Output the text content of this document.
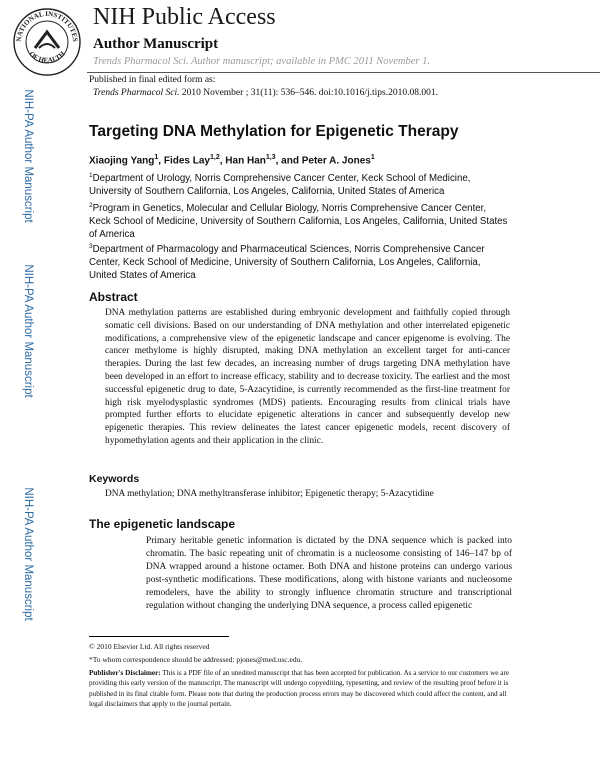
NATIONAL INSTITUTES
OF HEALTH
NIH Public Access
Author Manuscript
Trends Pharmacol Sci. Author manuscript; available in PMC 2011 November 1.
Published in final edited form as:
Trends Pharmacol Sci. 2010 November ; 31(11): 536–546. doi:10.1016/j.tips.2010.08.001.
NIH-PA Author Manuscript
NIH-PA Author Manuscript
NIH-PA Author Manuscript
Targeting DNA Methylation for Epigenetic Therapy
Xiaojing Yang$^1$, Fides Lay$^{1,2}$, Han Han$^{1,3}$, and Peter A. Jones$^1$
$^1$Department of Urology, Norris Comprehensive Cancer Center, Keck School of Medicine, University of Southern California, Los Angeles, California, United States of America
$^2$Program in Genetics, Molecular and Cellular Biology, Norris Comprehensive Cancer Center, Keck School of Medicine, University of Southern California, Los Angeles, California, United States of America
$^3$Department of Pharmacology and Pharmaceutical Sciences, Norris Comprehensive Cancer Center, Keck School of Medicine, University of Southern California, Los Angeles, California, United States of America
Abstract
DNA methylation patterns are established during embryonic development and faithfully copied through somatic cell divisions. Based on our understanding of DNA methylation and other interrelated epigenetic modifications, a comprehensive view of the epigenetic landscape and cancer epigenome is evolving. The cancer methylome is highly disrupted, making DNA methylation an excellent target for anti-cancer therapies. During the last few decades, an increasing number of drugs targeting DNA methylation have been developed in an effort to increase efficacy, stability and to decrease toxicity. The earliest and the most successful epigenetic drug to date, 5-Azacytidine, is currently recommended as the first-line treatment for high risk myelodysplastic syndromes (MDS) patients. Encouraging results from clinical trials have prompted further efforts to elucidate epigenetic alterations in cancer and subsequently develop new epigenetic therapies. This review delineates the latest cancer epigenetic models, recent discovery of hypomethylation agents and their application in the clinic.
Keywords
DNA methylation; DNA methyltransferase inhibitor; Epigenetic therapy; 5-Azacytidine
The epigenetic landscape
Primary heritable genetic information is dictated by the DNA sequence which is packed into chromatin. The basic repeating unit of chromatin is a nucleosome consisting of 146–147 bp of DNA wrapped around a histone octamer. Both DNA and histone proteins can undergo various post-synthetic modifications. These modifications, along with histone variants and nucleosome remodelers, have the ability to strongly influence chromatin structure and transcriptional regulation without changing the underlying DNA sequence, a process called epigenetic
© 2010 Elsevier Ltd. All rights reserved
*To whom correspondence should be addressed: pjones@med.usc.edu.
Publisher's Disclaimer: This is a PDF file of an unedited manuscript that has been accepted for publication. As a service to our customers we are providing this early version of the manuscript. The manuscript will undergo copyediting, typesetting, and review of the resulting proof before it is published in its final citable form. Please note that during the production process errors may be discovered which could affect the content, and all legal disclaimers that apply to the journal pertain.
